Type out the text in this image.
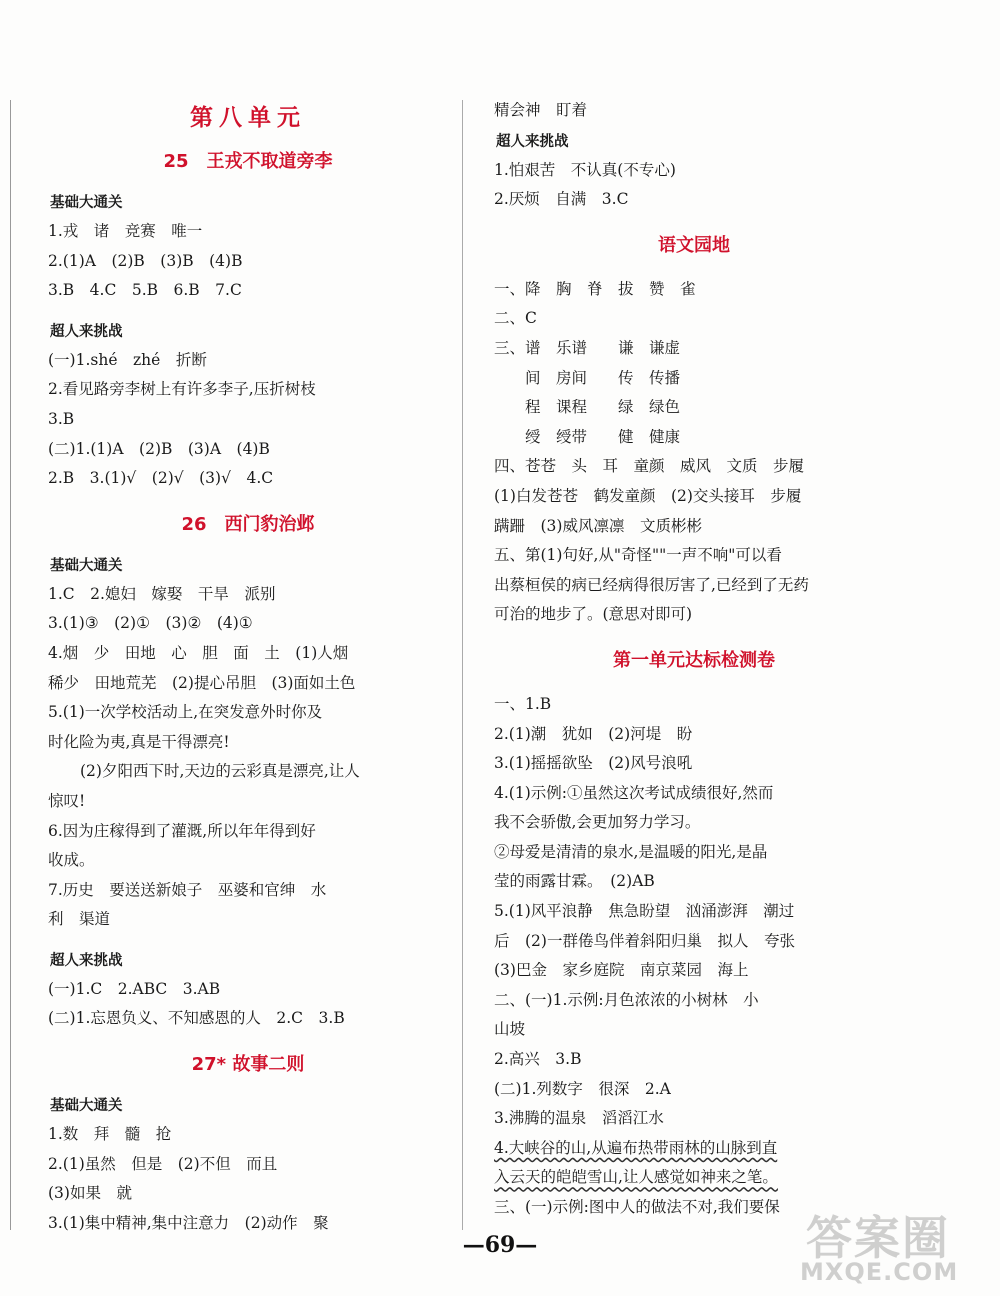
第八单元
25　王戎不取道旁李
基础大通关
1.戎　诸　竞赛　唯一
2.(1)A　(2)B　(3)B　(4)B
3.B　4.C　5.B　6.B　7.C
超人来挑战
(一)1.shé　zhé　折断
2.看见路旁李树上有许多李子,压折树枝
3.B
(二)1.(1)A　(2)B　(3)A　(4)B
2.B　3.(1)√　(2)√　(3)√　4.C
26　西门豹治邺
基础大通关
1.C　2.媳妇　嫁娶　干旱　派别
3.(1)③　(2)①　(3)②　(4)①
4.烟　少　田地　心　胆　面　土　(1)人烟
稀少　田地荒芜　(2)提心吊胆　(3)面如土色
5.(1)一次学校活动上,在突发意外时你及
时化险为夷,真是干得漂亮!
(2)夕阳西下时,天边的云彩真是漂亮,让人
惊叹!
6.因为庄稼得到了灌溉,所以年年得到好
收成。
7.历史　要送送新娘子　巫婆和官绅　水
利　渠道
超人来挑战
(一)1.C　2.ABC　3.AB
(二)1.忘恩负义、不知感恩的人　2.C　3.B
27* 故事二则
基础大通关
1.数　拜　髓　抢
2.(1)虽然　但是　(2)不但　而且
(3)如果　就
3.(1)集中精神,集中注意力　(2)动作　聚
精会神　盯着
超人来挑战
1.怕艰苦　不认真(不专心)
2.厌烦　自满　3.C
语文园地
一、降　胸　脊　拔　赞　雀
二、C
三、谱　乐谱　　谦　谦虚
　　间　房间　　传　传播
　　程　课程　　绿　绿色
　　绶　绶带　　健　健康
四、苍苍　头　耳　童颜　威风　文质　步履
(1)白发苍苍　鹤发童颜　(2)交头接耳　步履
蹒跚　(3)威风凛凛　文质彬彬
五、第(1)句好,从"奇怪""一声不响"可以看
出蔡桓侯的病已经病得很厉害了,已经到了无药
可治的地步了。(意思对即可)
第一单元达标检测卷
一、1.B
2.(1)潮　犹如　(2)河堤　盼
3.(1)摇摇欲坠　(2)风号浪吼
4.(1)示例:①虽然这次考试成绩很好,然而
我不会骄傲,会更加努力学习。
②母爱是清清的泉水,是温暖的阳光,是晶
莹的雨露甘霖。　(2)AB
5.(1)风平浪静　焦急盼望　汹涌澎湃　潮过
后　(2)一群倦鸟伴着斜阳归巢　拟人　夸张
(3)巴金　家乡庭院　南京菜园　海上
二、(一)1.示例:月色浓浓的小树林　小
山坡
2.高兴　3.B
(二)1.列数字　很深　2.A
3.沸腾的温泉　滔滔江水
4.大峡谷的山,从遍布热带雨林的山脉到直
入云天的皑皑雪山,让人感觉如神来之笔。
三、(一)示例:图中人的做法不对,我们要保
—69—	答案圈
MXQE.COM
